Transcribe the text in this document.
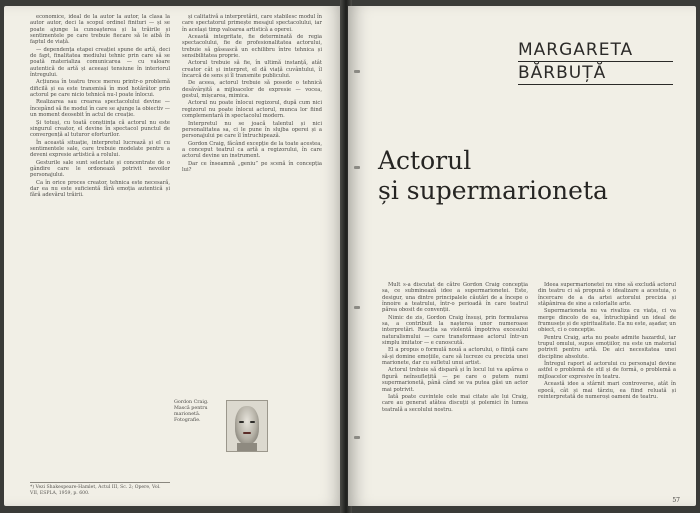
economice, ideal de la autor la autor, la clasa la autor autor, deci la scopul ordinel finituri — și se poate ajunge la cunoașterea și la trăirile și sentimentele pe care trebuie fiecare să le aibă în faptul de viață.

— dependența etapei creației spune de artă, deci de fapt, finalitatea mediului tehnic prin care să se poată materializa comunicarea — cu valoare autentică de artă și aceeași tensiune în interiorul întregului.

Acțiunea în teatru trece mereu printr-o problemă dificilă și ea este transmisă în mod hotărâtor prin actorul pe care nicio tehnică nu-l poate înlocui.

Realizarea sau crearea spectacolului devine — începând să fie modul în care se ajunge la obiectiv — un moment deosebit în actul de creație.

Și totuși, cu toată conștiința că actorul nu este singurul creator, el devine în spectacol punctul de convergență al tuturor eforturilor.

În această situație, interpretul lucrează și el cu sentimentele sale, care trebuie modelate pentru a deveni expresie artistică a rolului.

Gesturile sale sunt selectate și concentrate de o gândire care le ordonează potrivit nevoilor personajului.

Ca în orice proces creator, tehnica este necesară, dar ea nu este suficientă fără emoția autentică și fără adevărul trăirii.

și calitativă a interpretării, care stabilesc modul în care spectatorul primește mesajul spectacolului, iar în același timp valoarea artistică a operei.

Această integritate, fie determinată de regia spectacolului, fie de profesionalitatea actorului, trebuie să găsească un echilibru între tehnica și sensibilitatea proprie.

Actorul trebuie să fie, în ultimă instanță, atât creator cât și interpret, el dă viață cuvântului, îl încarcă de sens și îl transmite publicului.

De aceea, actorul trebuie să posede o tehnică desăvârșită a mijloacelor de expresie — vocea, gestul, mișcarea, mimica.

Actorul nu poate înlocui regizorul, după cum nici regizorul nu poate înlocui actorul, munca lor fiind complementară în spectacolul modern.

Interpretul nu se joacă talentul și nici personalitatea sa, ci le pune în slujba operei și a personajului pe care îl întruchipează.

Gordon Craig, făcând excepție de la toate acestea, a conceput teatrul ca artă a regizorului, în care actorul devine un instrument.

Dar ce înseamnă „geniu” pe scenă în concepția lui?

*) Vezi Shakespeare-Hamlet, Actul III, Sc. 2; Opere, Vol. VII, ESPLA, 1959, p. 600.
MARGARETA
BĂRBUȚĂ
Actorul
și supermarioneta

Mult s-a discutat de către Gordon Craig concepția sa, ce subminează idee a supermarionetei. Este, desigur, una dintre principalele căutări de a începe o înnoire a teatrului, într-o perioadă în care teatrul părea obosit de convenții.

Nimic de zis, Gordon Craig însuși, prin formularea sa, a contribuit la nașterea unor numeroase interpretări. Reacția sa violentă împotriva excesului naturalismului — care transformase actorul într-un simplu imitator — e cunoscută.

El a propus o formulă nouă a actorului, o ființă care să-și domine emoțiile, care să lucreze cu precizia unei marionete, dar cu sufletul unui artist.

Actorul trebuie să dispară și în locul lui va apărea o figură neînsuflețită — pe care o putem numi supermarionetă, până când se va putea găsi un actor mai potrivit.

Iată poate cuvintele cele mai citate ale lui Craig, care au generat atâtea discuții și polemici în lumea teatrală a secolului nostru.

Ideea supermarionetei nu vine să excludă actorul din teatru ci să propună o idealizare a acestuia, o încercare de a da artei actorului precizia și stăpânirea de sine a celorlalte arte.

Supermarioneta nu va rivaliza cu viața, ci va merge dincolo de ea, întruchipând un ideal de frumusețe și de spiritualitate. Ea nu este, așadar, un obiect, ci o concepție.

Pentru Craig, arta nu poate admite hazardul, iar trupul omului, supus emoțiilor, nu este un material potrivit pentru artă. De aici necesitatea unei discipline absolute.

Întregul raport al actorului cu personajul devine astfel o problemă de stil și de formă, o problemă a mijloacelor expresive în teatru.

Această idee a stârnit mari controverse, atât în epocă, cât și mai târziu, ea fiind reluată și reinterpretată de numeroși oameni de teatru.

57
Gordon Craig. Mască pentru marionetă. Fotografie.
